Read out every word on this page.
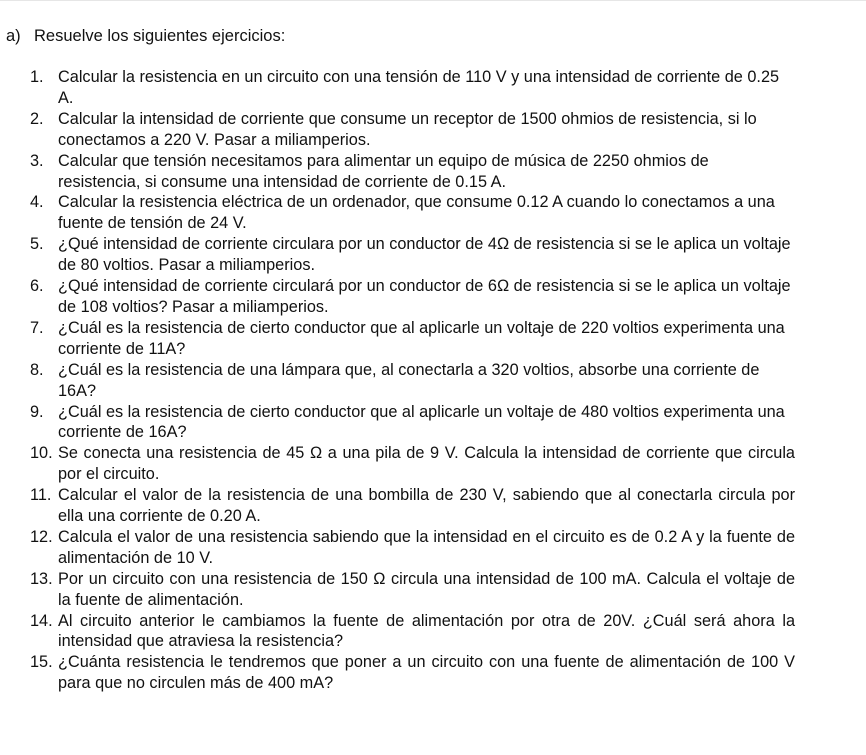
a) Resuelve los siguientes ejercicios:
1. Calcular la resistencia en un circuito con una tensión de 110 V y una intensidad de corriente de 0.25 A.
2. Calcular la intensidad de corriente que consume un receptor de 1500 ohmios de resistencia, si lo conectamos a 220 V. Pasar a miliamperios.
3. Calcular que tensión necesitamos para alimentar un equipo de música de 2250 ohmios de resistencia, si consume una intensidad de corriente de 0.15 A.
4. Calcular la resistencia eléctrica de un ordenador, que consume 0.12 A cuando lo conectamos a una fuente de tensión de 24 V.
5. ¿Qué intensidad de corriente circulara por un conductor de 4Ω de resistencia si se le aplica un voltaje de 80 voltios. Pasar a miliamperios.
6. ¿Qué intensidad de corriente circulará por un conductor de 6Ω de resistencia si se le aplica un voltaje de 108 voltios? Pasar a miliamperios.
7. ¿Cuál es la resistencia de cierto conductor que al aplicarle un voltaje de 220 voltios experimenta una corriente de 11A?
8. ¿Cuál es la resistencia de una lámpara que, al conectarla a 320 voltios, absorbe una corriente de 16A?
9. ¿Cuál es la resistencia de cierto conductor que al aplicarle un voltaje de 480 voltios experimenta una corriente de 16A?
10. Se conecta una resistencia de 45 Ω a una pila de 9 V. Calcula la intensidad de corriente que circula por el circuito.
11. Calcular el valor de la resistencia de una bombilla de 230 V, sabiendo que al conectarla circula por ella una corriente de 0.20 A.
12. Calcula el valor de una resistencia sabiendo que la intensidad en el circuito es de 0.2 A y la fuente de alimentación de 10 V.
13. Por un circuito con una resistencia de 150 Ω circula una intensidad de 100 mA. Calcula el voltaje de la fuente de alimentación.
14. Al circuito anterior le cambiamos la fuente de alimentación por otra de 20V. ¿Cuál será ahora la intensidad que atraviesa la resistencia?
15. ¿Cuánta resistencia le tendremos que poner a un circuito con una fuente de alimentación de 100 V para que no circulen más de 400 mA?
